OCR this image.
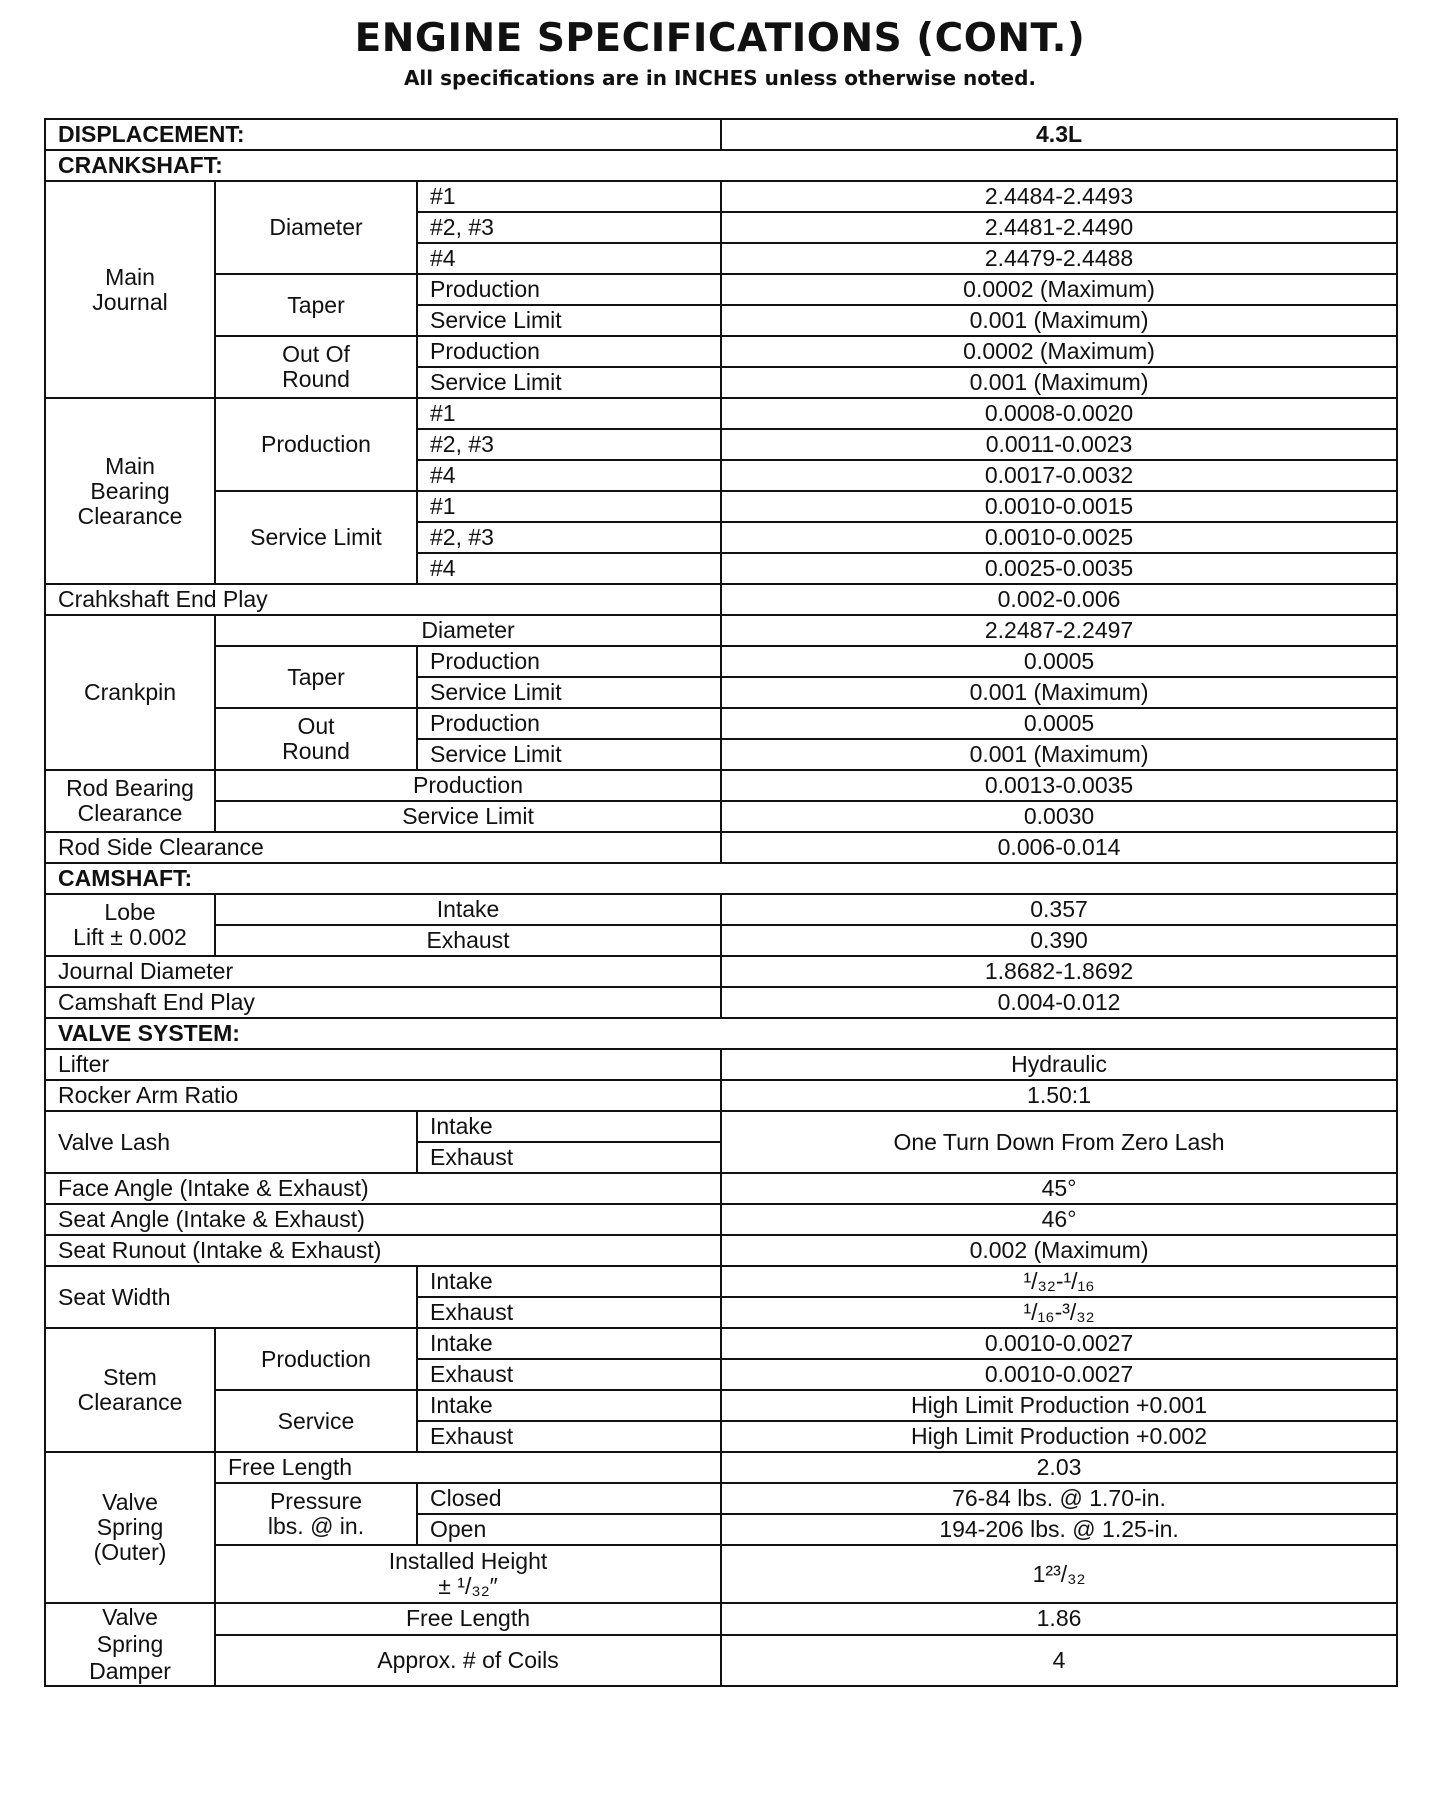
ENGINE SPECIFICATIONS (CONT.)
All specifications are in INCHES unless otherwise noted.
DISPLACEMENT:			4.3L
CRANKSHAFT:			

Main
Journal	Diameter	#1	2.4484-2.4493
		#2, #3	2.4481-2.4490
		#4	2.4479-2.4488
	Taper	Production	0.0002 (Maximum)
		Service Limit	0.001 (Maximum)

	Out Of
Round	Production	0.0002 (Maximum)
		Service Limit	0.001 (Maximum)

Main
Bearing
Clearance	Production	#1	0.0008-0.0020
		#2, #3	0.0011-0.0023
		#4	0.0017-0.0032
	Service Limit	#1	0.0010-0.0015
		#2, #3	0.0010-0.0025
		#4	0.0025-0.0035
Crahkshaft End Play			0.002-0.006
Crankpin	Diameter		2.2487-2.2497
	Taper	Production	0.0005
		Service Limit	0.001 (Maximum)

	Out
Round	Production	0.0005
		Service Limit	0.001 (Maximum)

Rod Bearing
Clearance	Production		0.0013-0.0035
	Service Limit		0.0030
Rod Side Clearance			0.006-0.014
CAMSHAFT:			

Lobe
Lift ± 0.002	Intake		0.357
	Exhaust		0.390
Journal Diameter			1.8682-1.8692
Camshaft End Play			0.004-0.012
VALVE SYSTEM:			
Lifter			Hydraulic
Rocker Arm Ratio			1.50:1
Valve Lash		Intake	One Turn Down From Zero Lash
		Exhaust	
Face Angle (Intake & Exhaust)			45°
Seat Angle (Intake & Exhaust)			46°
Seat Runout (Intake & Exhaust)			0.002 (Maximum)
Seat Width		Intake	¹/₃₂-¹/₁₆
		Exhaust	¹/₁₆-³/₃₂

Stem
Clearance	Production	Intake	0.0010-0.0027
		Exhaust	0.0010-0.0027
	Service	Intake	High Limit Production +0.001
		Exhaust	High Limit Production +0.002

Valve
Spring
(Outer)	Free Length		2.03

	Pressure
lbs. @ in.	Closed	76-84 lbs. @ 1.70-in.
		Open	194-206 lbs. @ 1.25-in.

	Installed Height
± ¹/₃₂″		1²³/₃₂

Valve
Spring
Damper	Free Length		1.86
	Approx. # of Coils		4
